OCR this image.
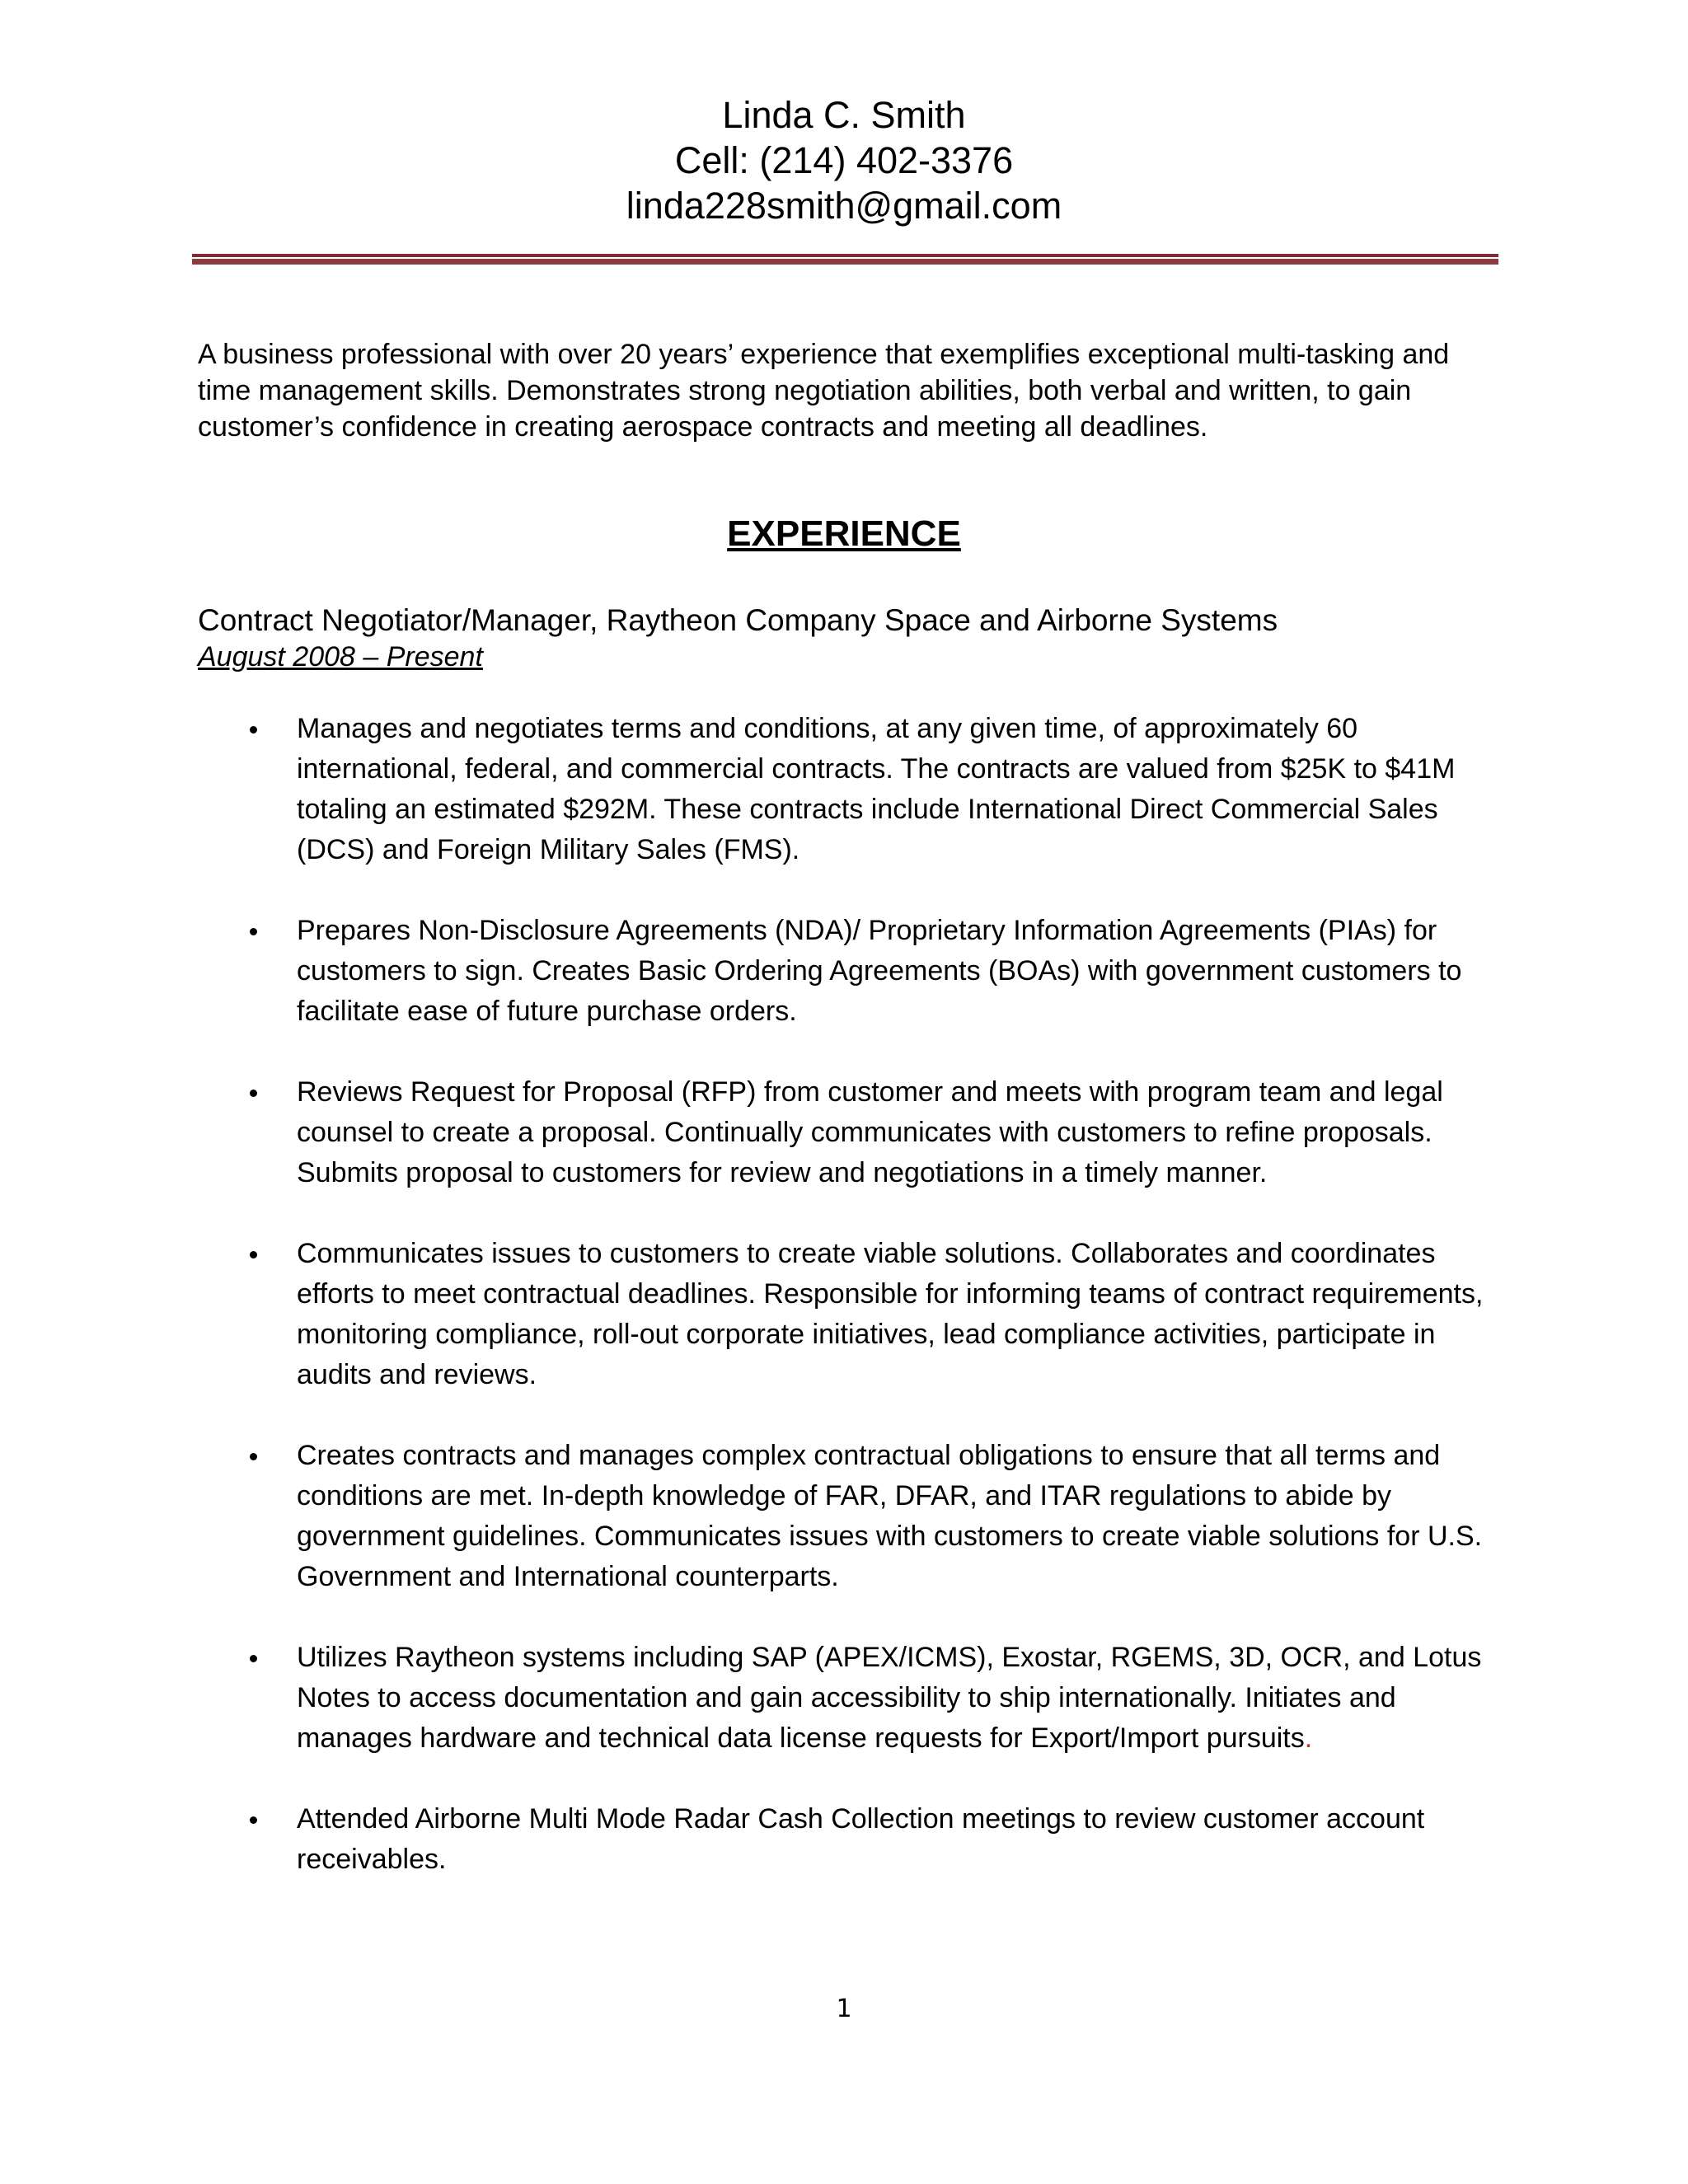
Linda C. Smith
Cell: (214) 402-3376
linda228smith@gmail.com
A business professional with over 20 years’ experience that exemplifies exceptional multi-tasking and time management skills. Demonstrates strong negotiation abilities, both verbal and written, to gain customer’s confidence in creating aerospace contracts and meeting all deadlines.
EXPERIENCE
Contract Negotiator/Manager, Raytheon Company Space and Airborne Systems
August 2008 – Present
Manages and negotiates terms and conditions, at any given time, of approximately 60 international, federal, and commercial contracts. The contracts are valued from $25K to $41M totaling an estimated $292M. These contracts include International Direct Commercial Sales (DCS) and Foreign Military Sales (FMS).
Prepares Non-Disclosure Agreements (NDA)/ Proprietary Information Agreements (PIAs) for customers to sign. Creates Basic Ordering Agreements (BOAs) with government customers to facilitate ease of future purchase orders.
Reviews Request for Proposal (RFP) from customer and meets with program team and legal counsel to create a proposal. Continually communicates with customers to refine proposals. Submits proposal to customers for review and negotiations in a timely manner.
Communicates issues to customers to create viable solutions. Collaborates and coordinates efforts to meet contractual deadlines. Responsible for informing teams of contract requirements, monitoring compliance, roll-out corporate initiatives, lead compliance activities, participate in audits and reviews.
Creates contracts and manages complex contractual obligations to ensure that all terms and conditions are met. In-depth knowledge of FAR, DFAR, and ITAR regulations to abide by government guidelines. Communicates issues with customers to create viable solutions for U.S. Government and International counterparts.
Utilizes Raytheon systems including SAP (APEX/ICMS), Exostar, RGEMS, 3D, OCR, and Lotus Notes to access documentation and gain accessibility to ship internationally. Initiates and manages hardware and technical data license requests for Export/Import pursuits.
Attended Airborne Multi Mode Radar Cash Collection meetings to review customer account receivables.
1
